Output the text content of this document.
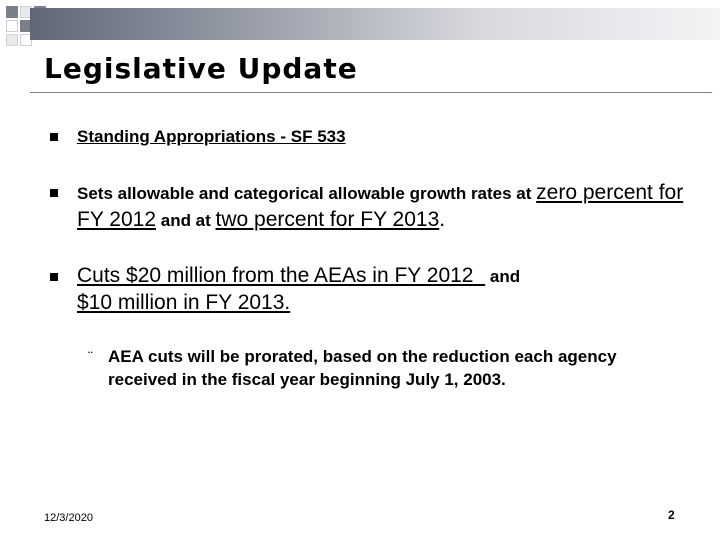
Legislative Update
Standing Appropriations - SF 533
Sets allowable and categorical allowable growth rates at zero percent for FY 2012 and at two percent for FY 2013.
Cuts $20 million from the AEAs in FY 2012   and
$10 million in FY 2013.
¨ AEA cuts will be prorated, based on the reduction each agency received in the fiscal year beginning July 1, 2003.
12/3/2020	2
